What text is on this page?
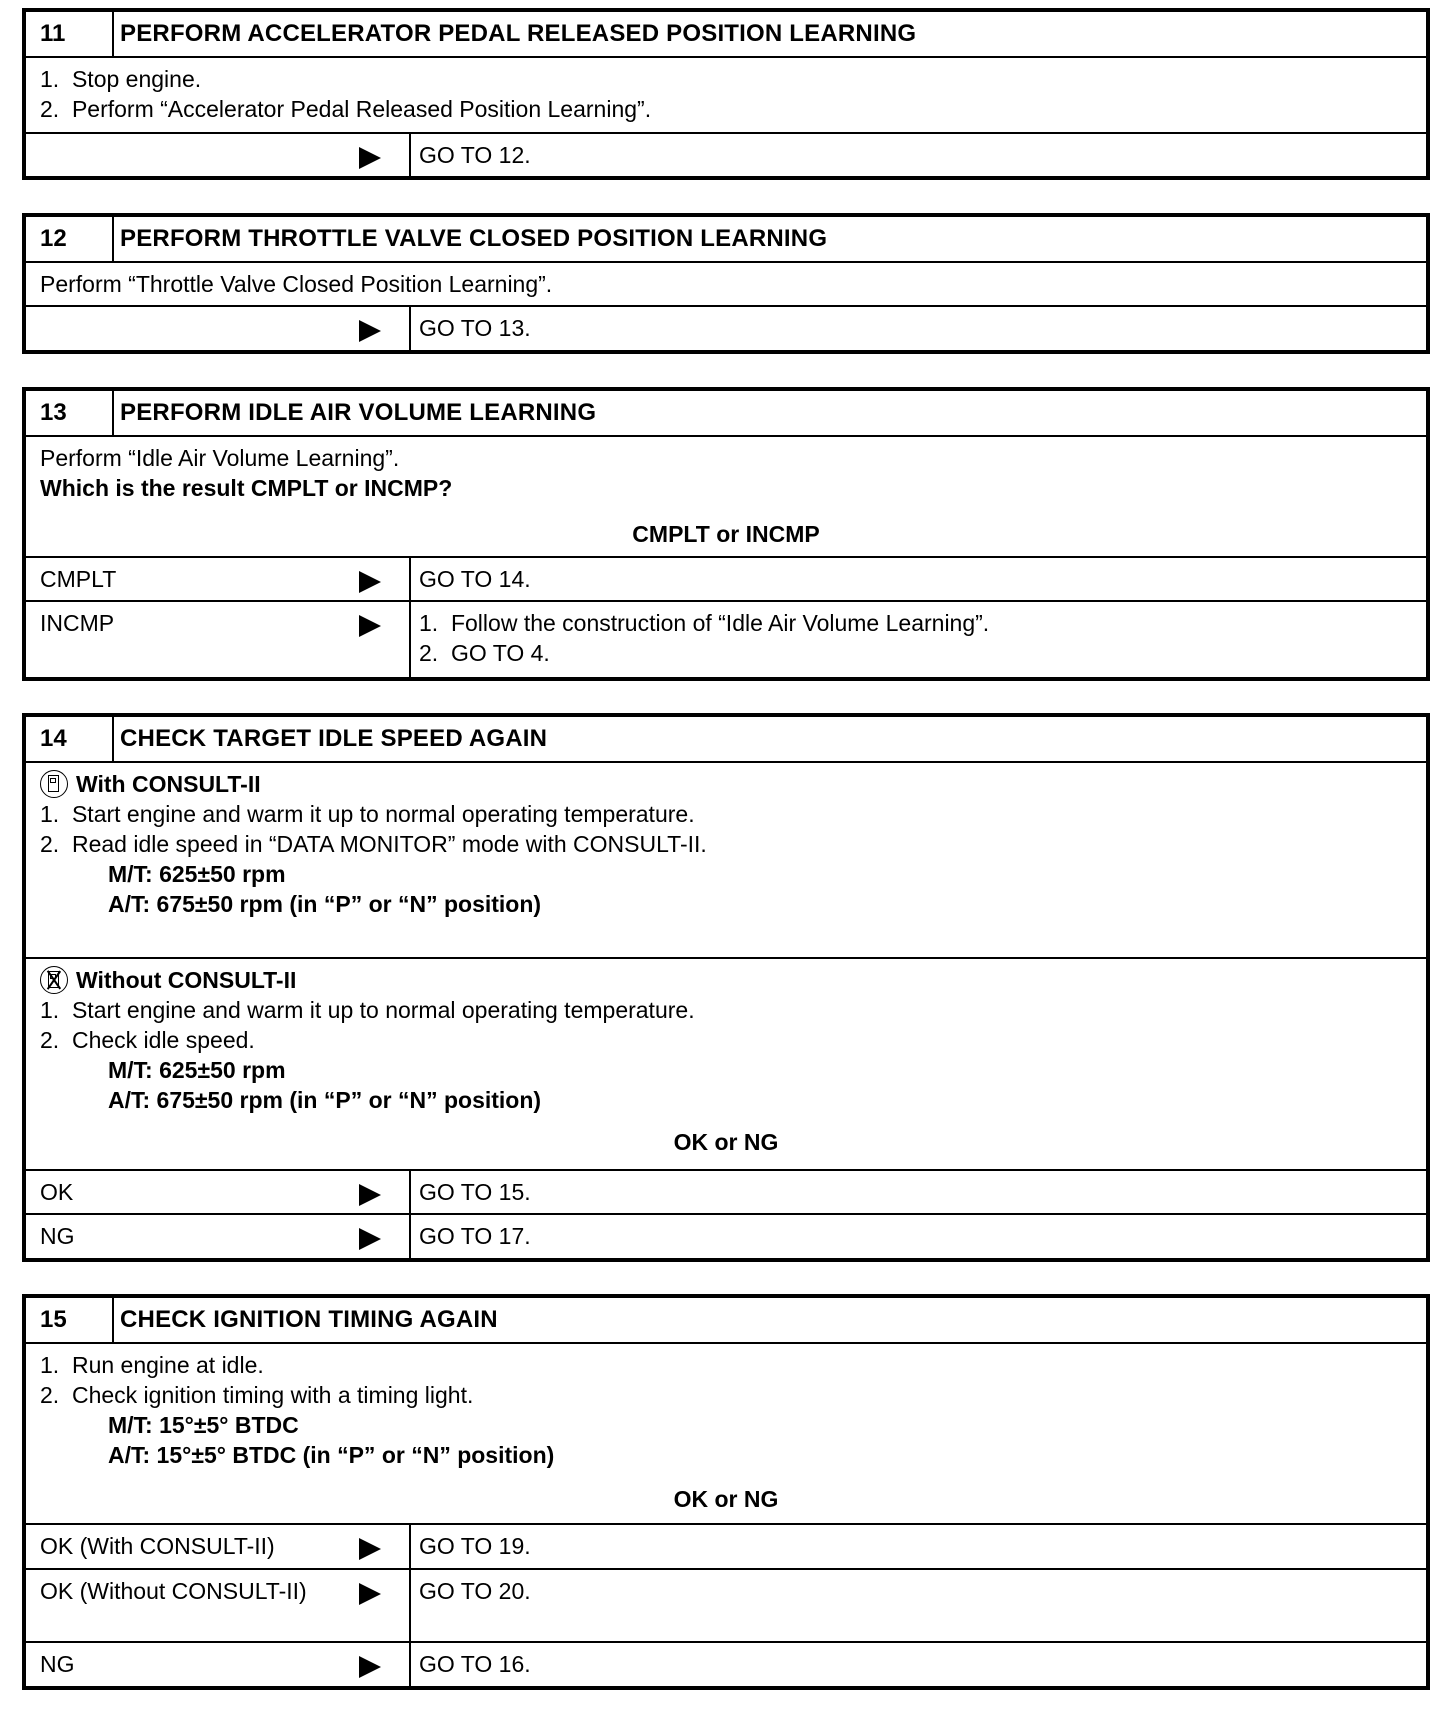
11	PERFORM ACCELERATOR PEDAL RELEASED POSITION LEARNING
1.  Stop engine.
2.  Perform “Accelerator Pedal Released Position Learning”.
GO TO 12.
12	PERFORM THROTTLE VALVE CLOSED POSITION LEARNING
Perform “Throttle Valve Closed Position Learning”.
GO TO 13.
13	PERFORM IDLE AIR VOLUME LEARNING
Perform “Idle Air Volume Learning”.
Which is the result CMPLT or INCMP?
CMPLT or INCMP
CMPLT	GO TO 14.
INCMP	1.  Follow the construction of “Idle Air Volume Learning”.
2.  GO TO 4.
14	CHECK TARGET IDLE SPEED AGAIN
With CONSULT-II
1.  Start engine and warm it up to normal operating temperature.
2.  Read idle speed in “DATA MONITOR” mode with CONSULT-II.
M/T: 625±50 rpm
A/T: 675±50 rpm (in “P” or “N” position)
Without CONSULT-II
1.  Start engine and warm it up to normal operating temperature.
2.  Check idle speed.
M/T: 625±50 rpm
A/T: 675±50 rpm (in “P” or “N” position)
OK or NG
OK	GO TO 15.
NG	GO TO 17.
15	CHECK IGNITION TIMING AGAIN
1.  Run engine at idle.
2.  Check ignition timing with a timing light.
M/T: 15°±5° BTDC
A/T: 15°±5° BTDC (in “P” or “N” position)
OK or NG
OK (With CONSULT-II)	GO TO 19.
OK (Without CONSULT-II)	GO TO 20.
NG	GO TO 16.
